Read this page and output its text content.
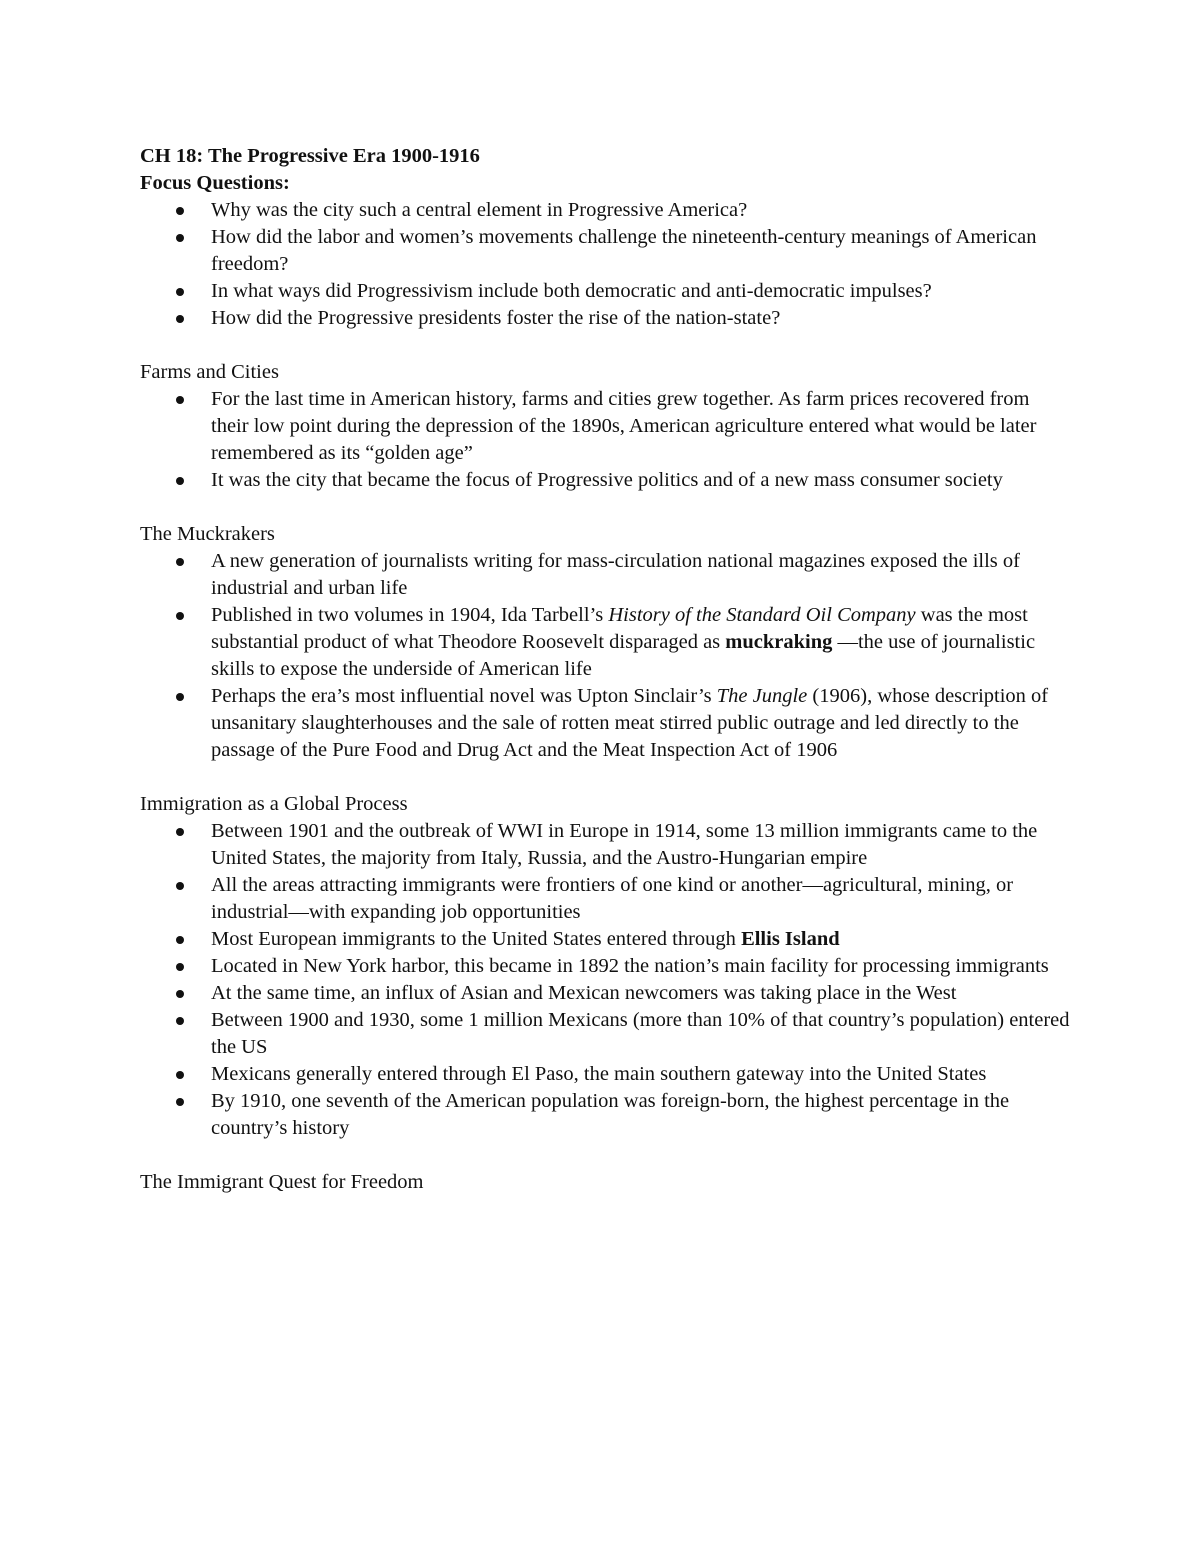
CH 18: The Progressive Era 1900-1916

Focus Questions:

Why was the city such a central element in Progressive America?
How did the labor and women’s movements challenge the nineteenth-century meanings of American freedom?
In what ways did Progressivism include both democratic and anti-democratic impulses?
How did the Progressive presidents foster the rise of the nation-state?

Farms and Cities

For the last time in American history, farms and cities grew together. As farm prices recovered from their low point during the depression of the 1890s, American agriculture entered what would be later remembered as its “golden age”
It was the city that became the focus of Progressive politics and of a new mass consumer society

The Muckrakers

A new generation of journalists writing for mass-circulation national magazines exposed the ills of industrial and urban life
Published in two volumes in 1904, Ida Tarbell’s History of the Standard Oil Company was the most substantial product of what Theodore Roosevelt disparaged as muckraking —the use of journalistic skills to expose the underside of American life
Perhaps the era’s most influential novel was Upton Sinclair’s The Jungle (1906), whose description of unsanitary slaughterhouses and the sale of rotten meat stirred public outrage and led directly to the passage of the Pure Food and Drug Act and the Meat Inspection Act of 1906

Immigration as a Global Process

Between 1901 and the outbreak of WWI in Europe in 1914, some 13 million immigrants came to the United States, the majority from Italy, Russia, and the Austro-Hungarian empire
All the areas attracting immigrants were frontiers of one kind or another—agricultural, mining, or industrial—with expanding job opportunities
Most European immigrants to the United States entered through Ellis Island
Located in New York harbor, this became in 1892 the nation’s main facility for processing immigrants
At the same time, an influx of Asian and Mexican newcomers was taking place in the West
Between 1900 and 1930, some 1 million Mexicans (more than 10% of that country’s population) entered the US
Mexicans generally entered through El Paso, the main southern gateway into the United States
By 1910, one seventh of the American population was foreign-born, the highest percentage in the country’s history

The Immigrant Quest for Freedom
